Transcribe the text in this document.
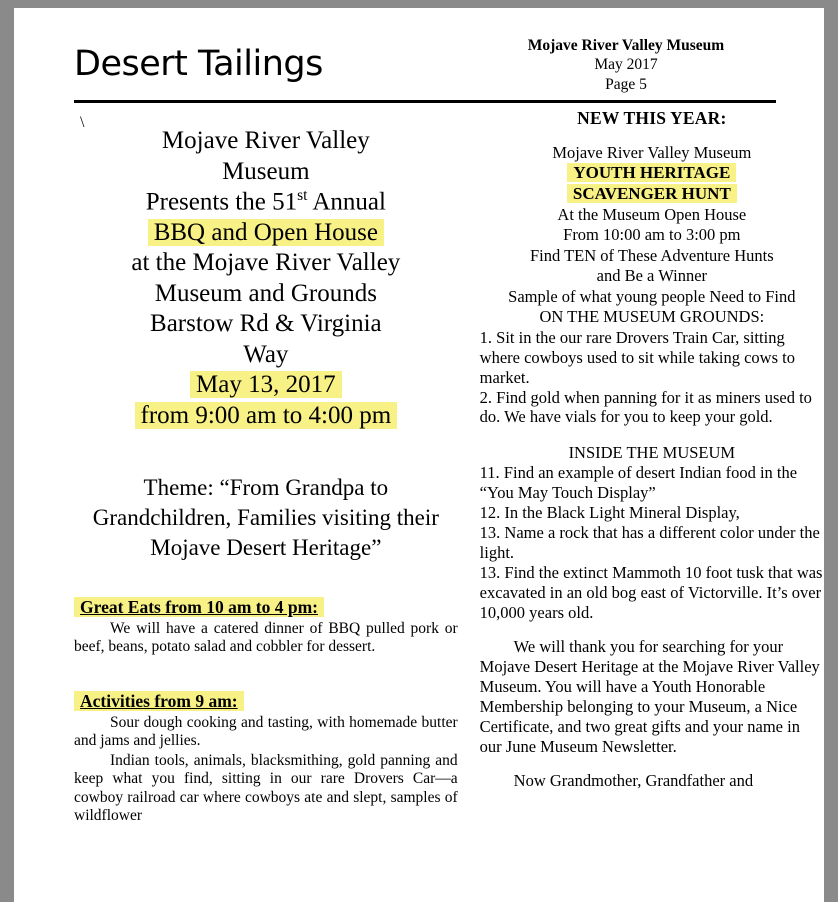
Desert Tailings	Mojave River Valley Museum
May 2017
Page 5
\
Mojave River Valley
Museum
Presents the 51st Annual
BBQ and Open House
at the Mojave River Valley
Museum and Grounds
Barstow Rd & Virginia
Way
May 13, 2017
from 9:00 am to 4:00 pm
Theme: “From Grandpa to Grandchildren, Families visiting their Mojave Desert Heritage”
Great Eats from 10 am to 4 pm:
We will have a catered dinner of BBQ pulled pork or beef, beans, potato salad and cobbler for dessert.
Activities from 9 am:
Sour dough cooking and tasting, with homemade butter and jams and jellies.
Indian tools, animals, blacksmithing, gold panning and keep what you find, sitting in our rare Drovers Car—a cowboy railroad car where cowboys ate and slept, samples of wildflower
NEW THIS YEAR:
Mojave River Valley Museum
YOUTH HERITAGE
SCAVENGER HUNT
At the Museum Open House
From 10:00 am to 3:00 pm
Find TEN of These Adventure Hunts
and Be a Winner
Sample of what young people Need to Find
ON THE MUSEUM GROUNDS:

1. Sit in the our rare Drovers Train Car, sitting where cowboys used to sit while taking cows to market.

2. Find gold when panning for it as miners used to do. We have vials for you to keep your gold.

INSIDE THE MUSEUM

11. Find an example of desert Indian food in the “You May Touch Display”

12. In the Black Light Mineral Display,

13. Name a rock that has a different color under the light.

13. Find the extinct Mammoth 10 foot tusk that was excavated in an old bog east of Victorville. It’s over 10,000 years old.

We will thank you for searching for your Mojave Desert Heritage at the Mojave River Valley Museum. You will have a Youth Honorable Membership belonging to your Museum, a Nice Certificate, and two great gifts and your name in our June Museum Newsletter.
Now Grandmother, Grandfather and
